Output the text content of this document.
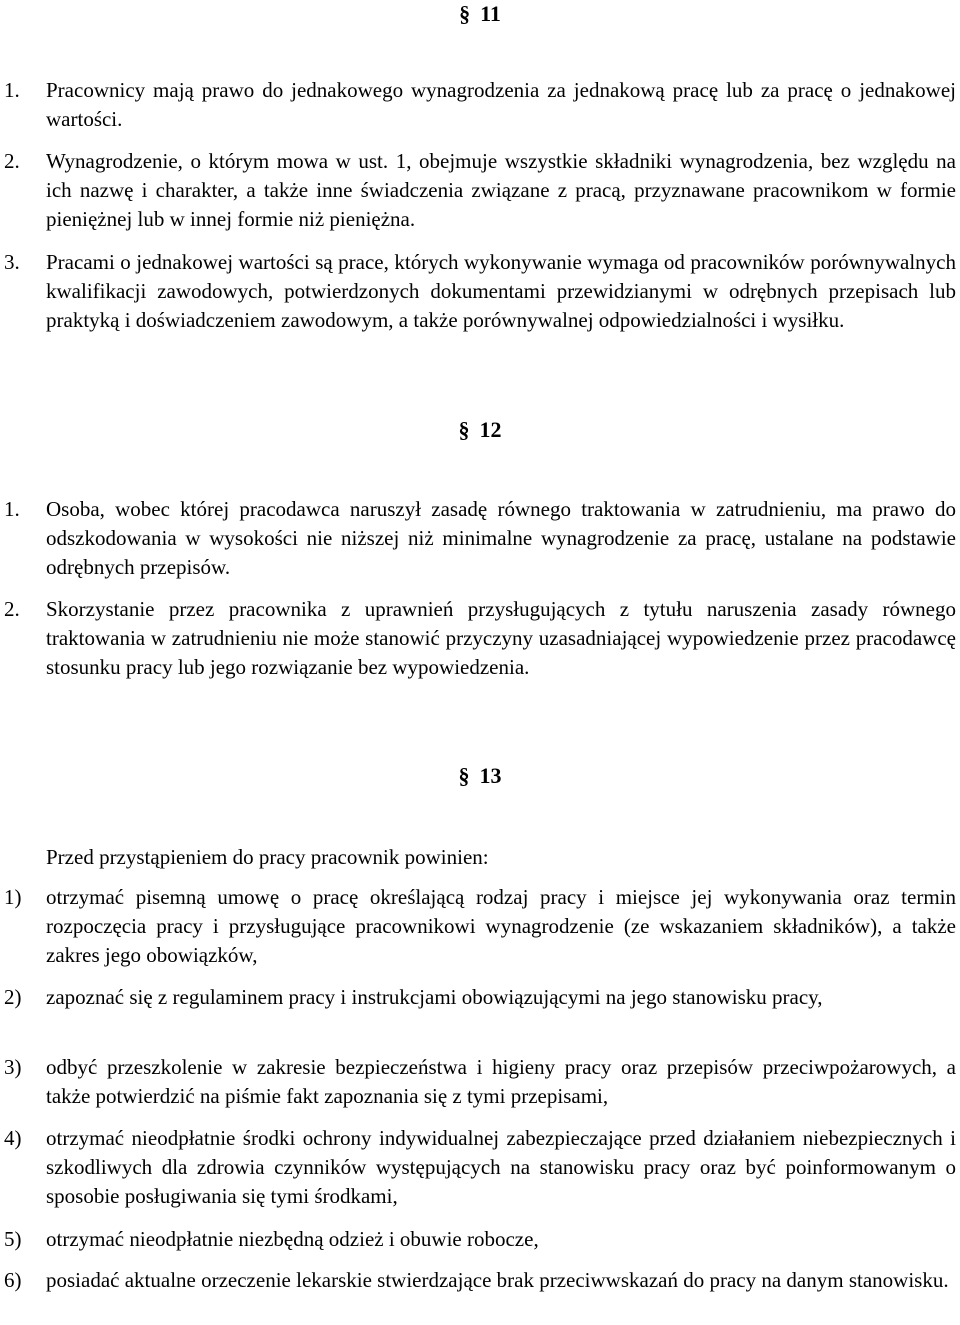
§ 11
1. Pracownicy mają prawo do jednakowego wynagrodzenia za jednakową pracę lub za pracę o jednakowej wartości.
2. Wynagrodzenie, o którym mowa w ust. 1, obejmuje wszystkie składniki wynagrodzenia, bez względu na ich nazwę i charakter, a także inne świadczenia związane z pracą, przyznawane pracownikom w formie pieniężnej lub w innej formie niż pieniężna.
3. Pracami o jednakowej wartości są prace, których wykonywanie wymaga od pracowników porównywalnych kwalifikacji zawodowych, potwierdzonych dokumentami przewidzianymi w odrębnych przepisach lub praktyką i doświadczeniem zawodowym, a także porównywalnej odpowiedzialności i wysiłku.
§ 12
1. Osoba, wobec której pracodawca naruszył zasadę równego traktowania w zatrudnieniu, ma prawo do odszkodowania w wysokości nie niższej niż minimalne wynagrodzenie za pracę, ustalane na podstawie odrębnych przepisów.
2. Skorzystanie przez pracownika z uprawnień przysługujących z tytułu naruszenia zasady równego traktowania w zatrudnieniu nie może stanowić przyczyny uzasadniającej wypowiedzenie przez pracodawcę stosunku pracy lub jego rozwiązanie bez wypowiedzenia.
§ 13
Przed przystąpieniem do pracy pracownik powinien:
1) otrzymać pisemną umowę o pracę określającą rodzaj pracy i miejsce jej wykonywania oraz termin rozpoczęcia pracy i przysługujące pracownikowi wynagrodzenie (ze wskazaniem składników), a także zakres jego obowiązków,
2) zapoznać się z regulaminem pracy i instrukcjami obowiązującymi na jego stanowisku pracy,
3) odbyć przeszkolenie w zakresie bezpieczeństwa i higieny pracy oraz przepisów przeciwpożarowych, a także potwierdzić na piśmie fakt zapoznania się z tymi przepisami,
4) otrzymać nieodpłatnie środki ochrony indywidualnej zabezpieczające przed działaniem niebezpiecznych i szkodliwych dla zdrowia czynników występujących na stanowisku pracy oraz być poinformowanym o sposobie posługiwania się tymi środkami,
5) otrzymać nieodpłatnie niezbędną odzież i obuwie robocze,
6) posiadać aktualne orzeczenie lekarskie stwierdzające brak przeciwwskazań do pracy na danym stanowisku.
